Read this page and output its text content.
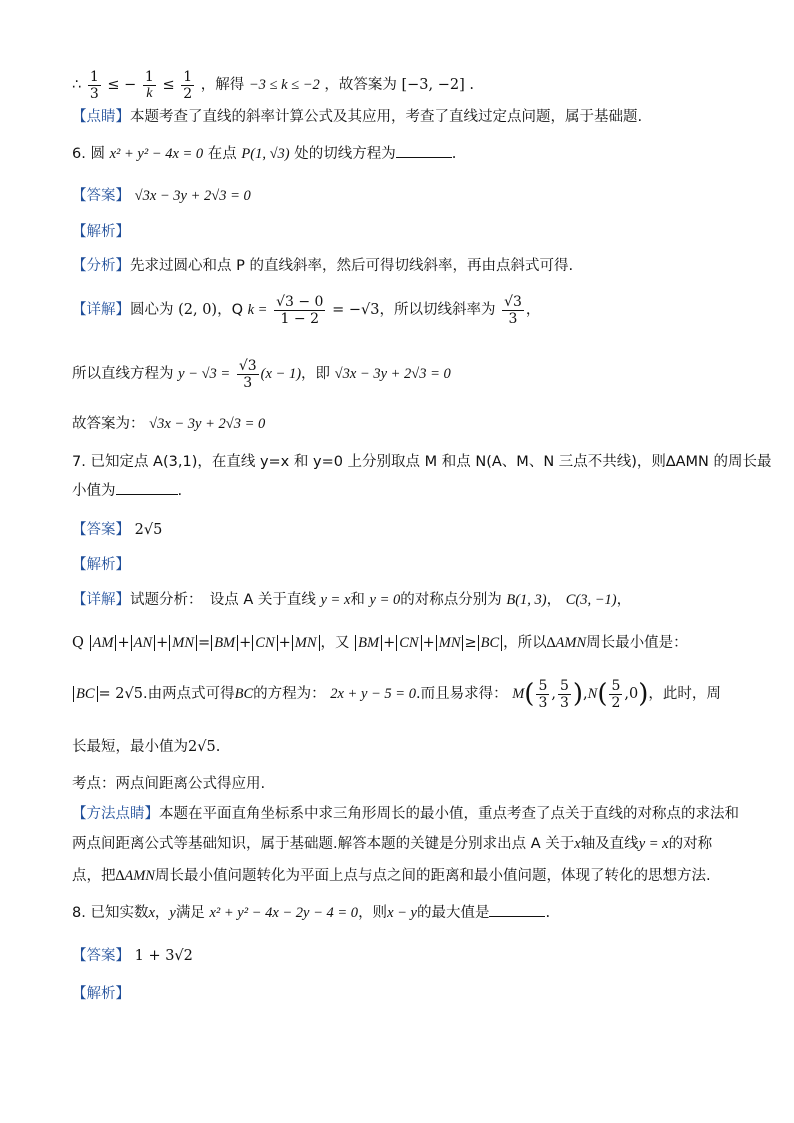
∴ $\frac{1}{3}$ ≤ − $\frac{1}{k} \le \frac{1}{2}$ ，解得 −3 ≤ k ≤ −2 ，故答案为 [−3, −2] .
【点睛】本题考查了直线的斜率计算公式及其应用，考查了直线过定点问题，属于基础题.
6. 圆 x² + y² − 4x = 0 在点 P(1, √3) 处的切线方程为	.
【答案】 √3x − 3y + 2√3 = 0
【解析】
【分析】先求过圆心和点 P 的直线斜率，然后可得切线斜率，再由点斜式可得.
【详解】圆心为 (2, 0)，Q $k = \frac{√3 - 0}{1 - 2} = -√3$，所以切线斜率为 $\frac{√3}{3}$ ，
所以直线方程为 $y - √3 = \frac{√3}{3} (x - 1)$，即 √3x − 3y + 2√3 = 0
故答案为： √3x − 3y + 2√3 = 0
7. 已知定点 A(3,1)，在直线 y=x 和 y=0 上分别取点 M 和点 N(A、M、N 三点不共线)，则∆AMN 的周长最
小值为	.
【答案】 2√5
【解析】
【详解】试题分析：　设点 A 关于直线 y = x和 y = 0的对称点分别为 B(1, 3)， C(3, −1)，
Q AM + AN + MN = BM + CN + MN ，又 BM + CN + MN ≥ BC ，所以∆AMN周长最小值是：
BC = 2√5.由两点式可得BC的方程为： 2x + y − 5 = 0.而且易求得： $M( \frac{5}{3}$ , $\frac{5}{3} ),N( \frac{5}{2} ,0)$，此时，周
长最短，最小值为2√5.
考点：两点间距离公式得应用.
【方法点睛】本题在平面直角坐标系中求三角形周长的最小值，重点考查了点关于直线的对称点的求法和
两点间距离公式等基础知识，属于基础题.解答本题的关键是分别求出点 A 关于x轴及直线y = x的对称
点，把∆AMN周长最小值问题转化为平面上点与点之间的距离和最小值问题，体现了转化的思想方法.
8. 已知实数x，y满足 x² + y² − 4x − 2y − 4 = 0，则x − y的最大值是	.
【答案】 1 + 3√2
【解析】
